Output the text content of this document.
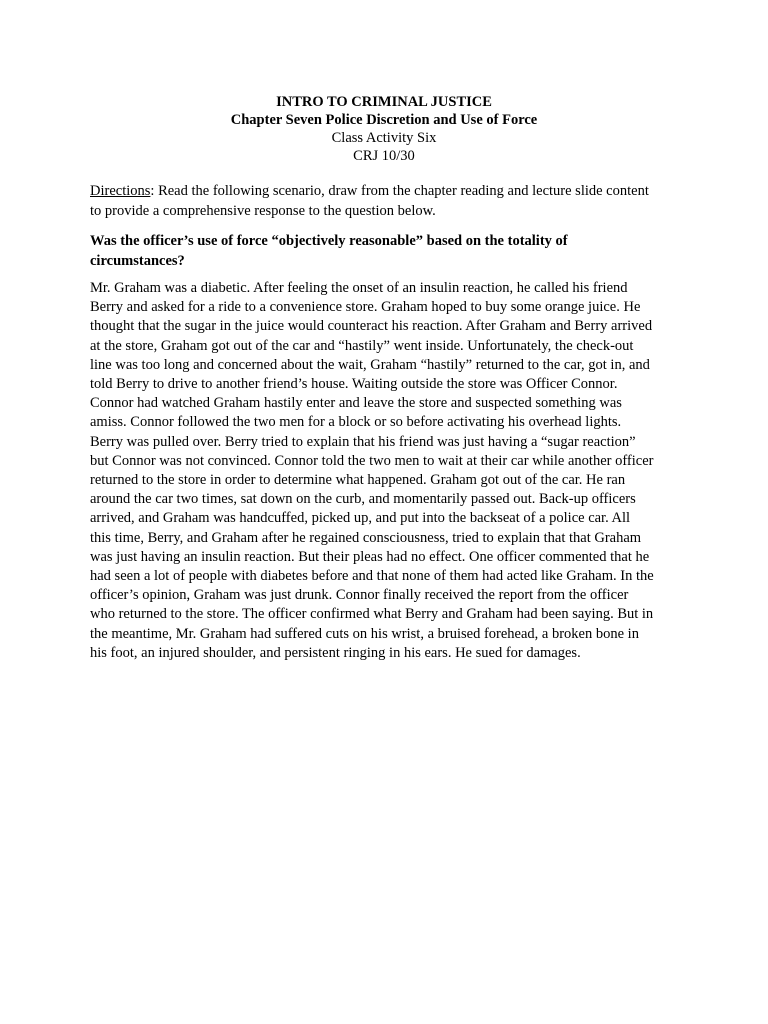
INTRO TO CRIMINAL JUSTICE
Chapter Seven Police Discretion and Use of Force
Class Activity Six
CRJ 10/30
Directions: Read the following scenario, draw from the chapter reading and lecture slide content
to provide a comprehensive response to the question below.
Was the officer’s use of force “objectively reasonable” based on the totality of
circumstances?
Mr. Graham was a diabetic. After feeling the onset of an insulin reaction, he called his friend
Berry and asked for a ride to a convenience store. Graham hoped to buy some orange juice. He
thought that the sugar in the juice would counteract his reaction. After Graham and Berry arrived
at the store, Graham got out of the car and “hastily” went inside. Unfortunately, the check-out
line was too long and concerned about the wait, Graham “hastily” returned to the car, got in, and
told Berry to drive to another friend’s house. Waiting outside the store was Officer Connor.
Connor had watched Graham hastily enter and leave the store and suspected something was
amiss. Connor followed the two men for a block or so before activating his overhead lights.
Berry was pulled over. Berry tried to explain that his friend was just having a “sugar reaction”
but Connor was not convinced. Connor told the two men to wait at their car while another officer
returned to the store in order to determine what happened. Graham got out of the car. He ran
around the car two times, sat down on the curb, and momentarily passed out. Back-up officers
arrived, and Graham was handcuffed, picked up, and put into the backseat of a police car. All
this time, Berry, and Graham after he regained consciousness, tried to explain that that Graham
was just having an insulin reaction. But their pleas had no effect. One officer commented that he
had seen a lot of people with diabetes before and that none of them had acted like Graham. In the
officer’s opinion, Graham was just drunk. Connor finally received the report from the officer
who returned to the store. The officer confirmed what Berry and Graham had been saying. But in
the meantime, Mr. Graham had suffered cuts on his wrist, a bruised forehead, a broken bone in
his foot, an injured shoulder, and persistent ringing in his ears. He sued for damages.
